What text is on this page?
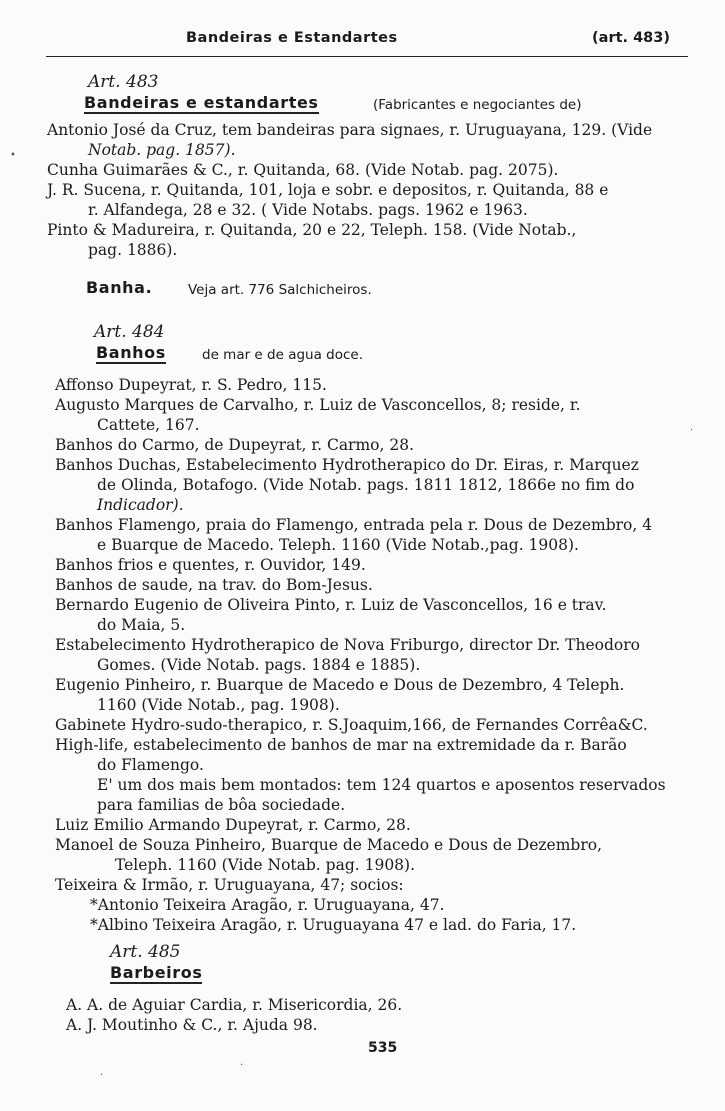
Bandeiras e Estandartes	(art. 483)
Art. 483
Bandeiras e estandartes	(Fabricantes e negociantes de)
Antonio José da Cruz, tem bandeiras para signaes, r. Uruguayana, 129. (Vide
Notab. pag. 1857).
Cunha Guimarães & C., r. Quitanda, 68. (Vide Notab. pag. 2075).
J. R. Sucena, r. Quitanda, 101, loja e sobr. e depositos, r. Quitanda, 88 e
r. Alfandega, 28 e 32. ( Vide Notabs. pags. 1962 e 1963.
Pinto & Madureira, r. Quitanda, 20 e 22, Teleph. 158. (Vide Notab.,
pag. 1886).
Banha.	Veja art. 776 Salchicheiros.
Art. 484
Banhos	de mar e de agua doce.
Affonso Dupeyrat, r. S. Pedro, 115.
Augusto Marques de Carvalho, r. Luiz de Vasconcellos, 8; reside, r.
Cattete, 167.
Banhos do Carmo, de Dupeyrat, r. Carmo, 28.
Banhos Duchas, Estabelecimento Hydrotherapico do Dr. Eiras, r. Marquez
de Olinda, Botafogo. (Vide Notab. pags. 1811 1812, 1866e no fim do
Indicador).
Banhos Flamengo, praia do Flamengo, entrada pela r. Dous de Dezembro, 4
e Buarque de Macedo. Teleph. 1160 (Vide Notab.,pag. 1908).
Banhos frios e quentes, r. Ouvidor, 149.
Banhos de saude, na trav. do Bom-Jesus.
Bernardo Eugenio de Oliveira Pinto, r. Luiz de Vasconcellos, 16 e trav.
do Maia, 5.
Estabelecimento Hydrotherapico de Nova Friburgo, director Dr. Theodoro
Gomes. (Vide Notab. pags. 1884 e 1885).
Eugenio Pinheiro, r. Buarque de Macedo e Dous de Dezembro, 4 Teleph.
1160 (Vide Notab., pag. 1908).
Gabinete Hydro-sudo-therapico, r. S.Joaquim,166, de Fernandes Corrêa&C.
High-life, estabelecimento de banhos de mar na extremidade da r. Barão
do Flamengo.
E' um dos mais bem montados: tem 124 quartos e aposentos reservados
para familias de bôa sociedade.
Luiz Emilio Armando Dupeyrat, r. Carmo, 28.
Manoel de Souza Pinheiro, Buarque de Macedo e Dous de Dezembro,
Teleph. 1160 (Vide Notab. pag. 1908).
Teixeira & Irmão, r. Uruguayana, 47; socios:
*Antonio Teixeira Aragão, r. Uruguayana, 47.
*Albino Teixeira Aragão, r. Uruguayana 47 e lad. do Faria, 17.
Art. 485
Barbeiros
A. A. de Aguiar Cardia, r. Misericordia, 26.
A. J. Moutinho & C., r. Ajuda 98.
535
•
·
·
·
